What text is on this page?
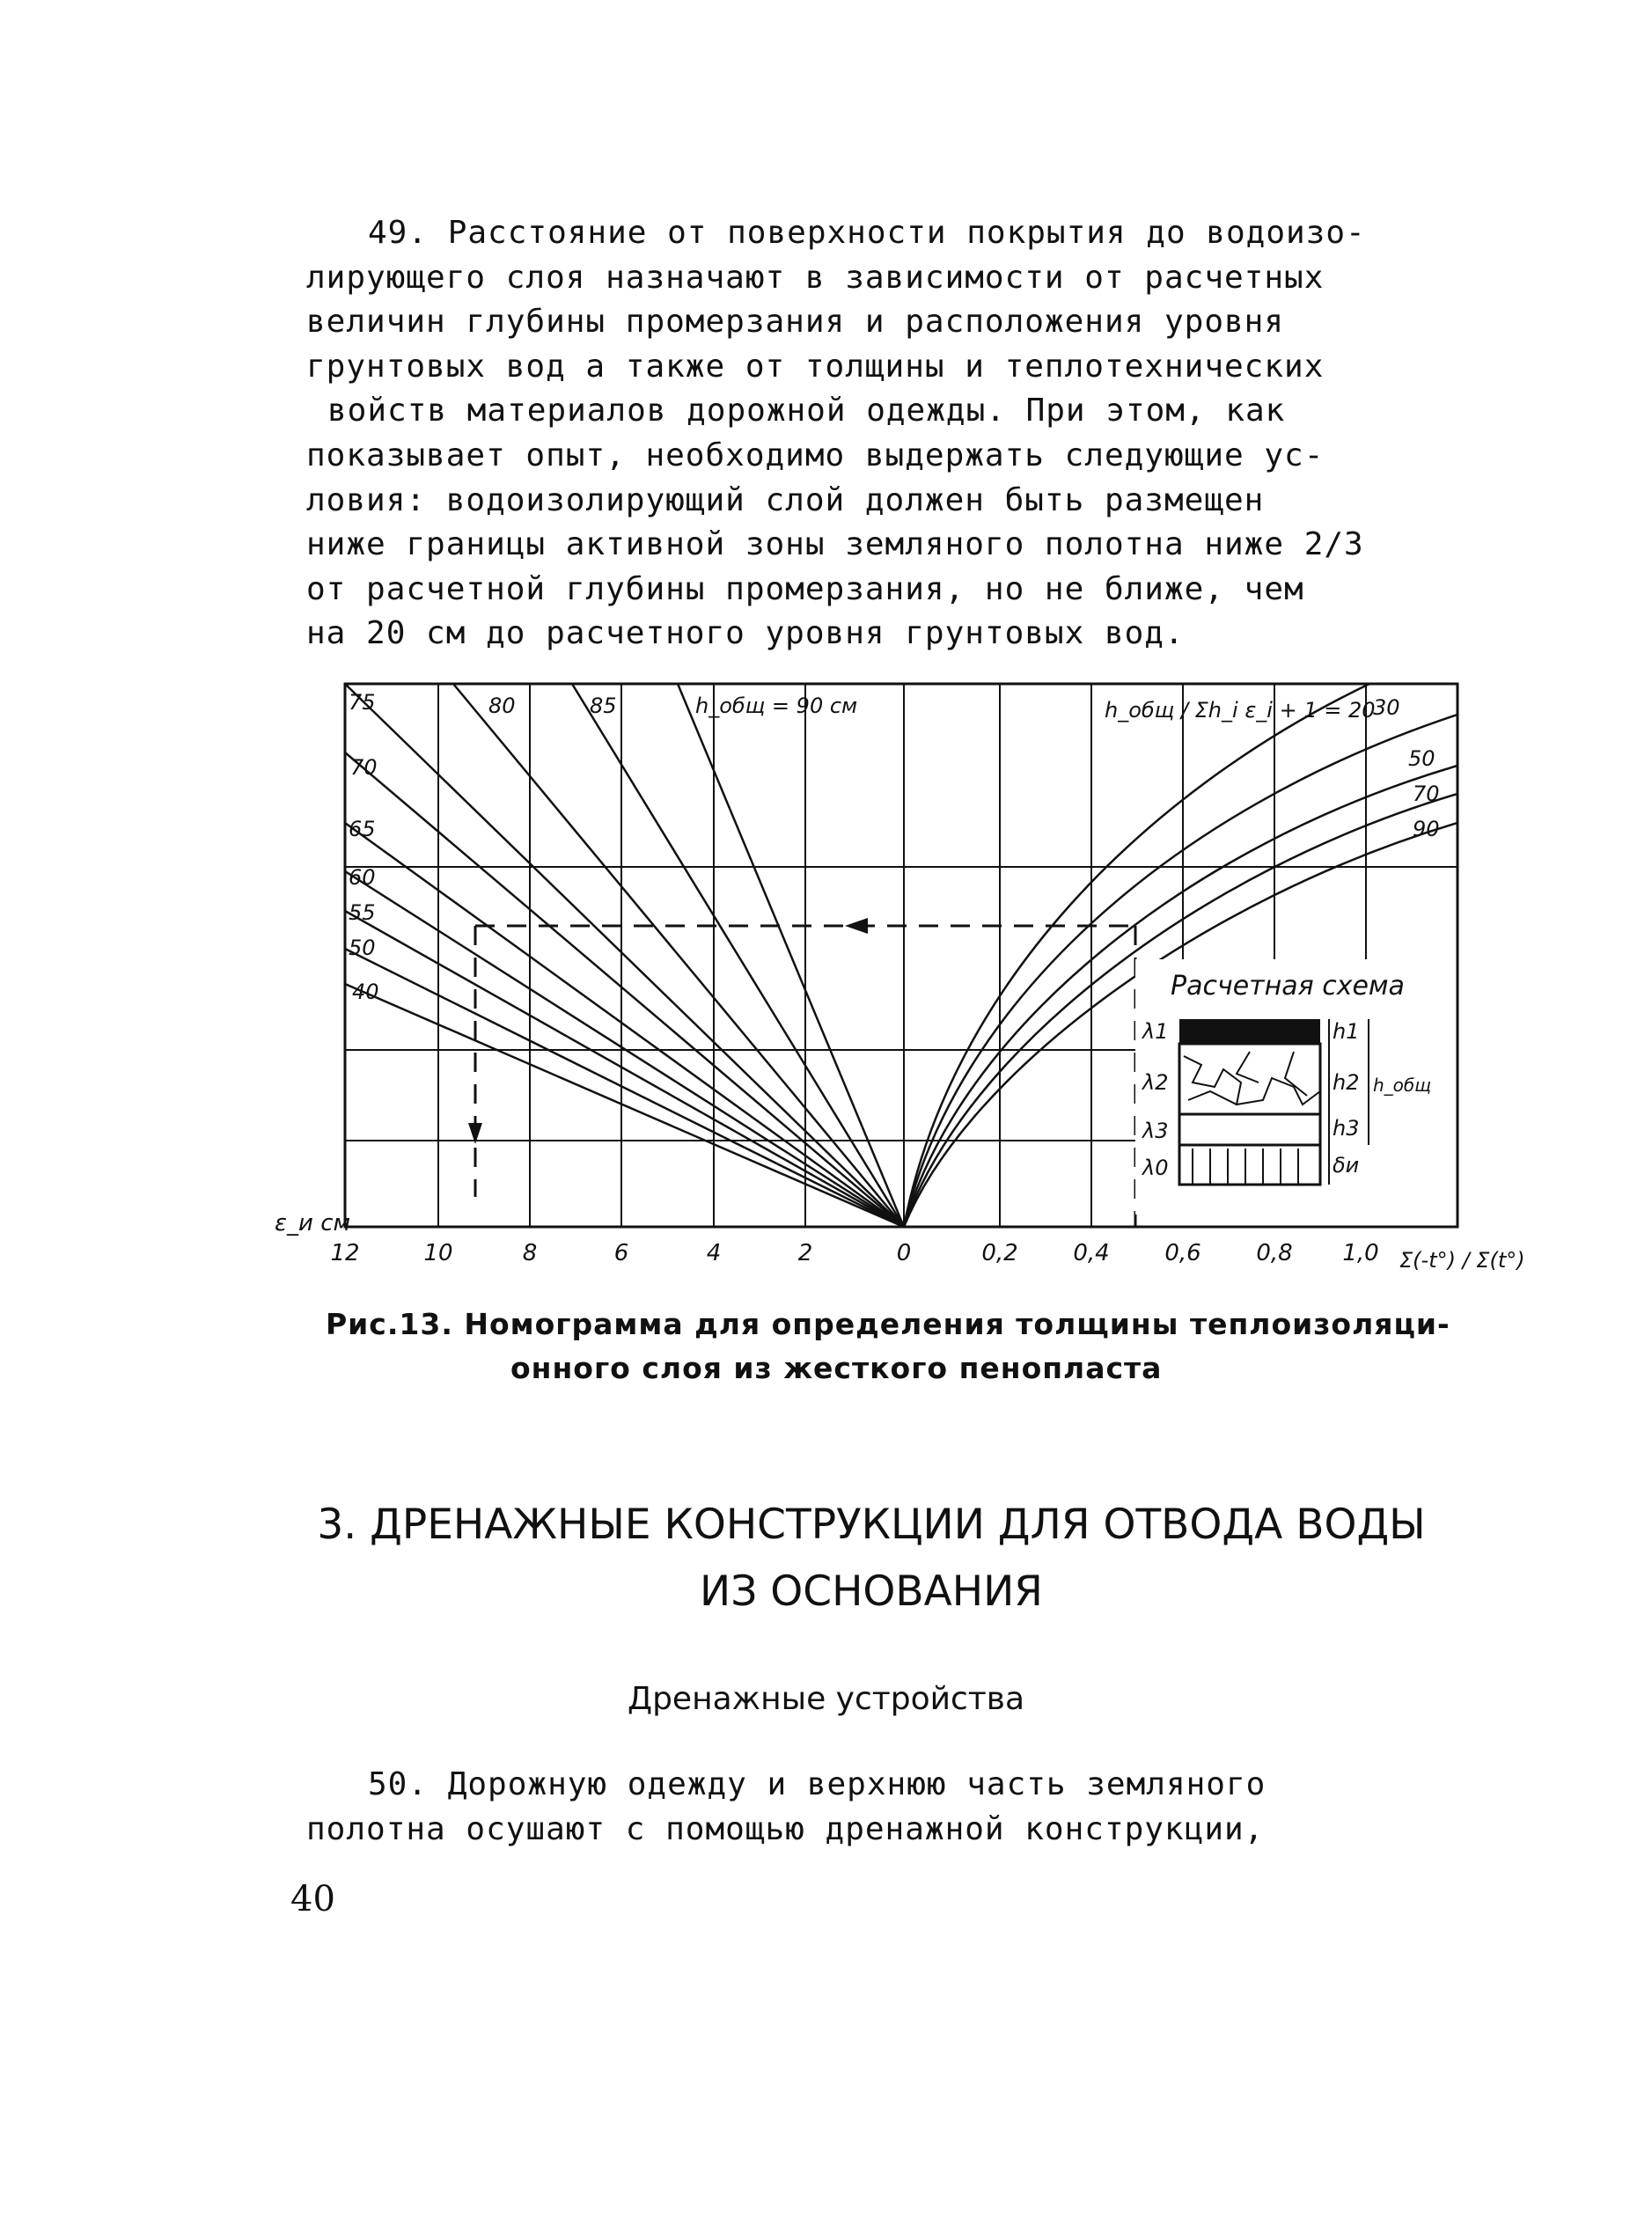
49. Расстояние от поверхности покрытия до водоизо-
лирующего слоя назначают в зависимости от расчетных
величин глубины промерзания и расположения уровня
грунтовых вод а также от толщины и теплотехнических
войств материалов дорожной одежды. При этом, как
показывает опыт, необходимо выдержать следующие ус-
ловия: водоизолирующий слой должен быть размещен
ниже границы активной зоны земляного полотна ниже 2/3
от расчетной глубины промерзания, но не ближе, чем
на 20 см до расчетного уровня грунтовых вод.
75	80	85	h_общ = 90 см
70
65
60
55
50
40
h_общ / Σh_i ε_i + 1 = 20
30
50
70
90
Расчетная схема
λ1
λ2
λ3
λ0
h1
h2
h3
δи
h_общ
ε_и см
12	10	8	6	4	2	0	0,2 0,4 0,6 0,8 1,0 Σ(-t°) / Σ(t°)
Рис.13. Номограмма для определения толщины теплоизоляци-
онного слоя из жесткого пенопласта
3. ДРЕНАЖНЫЕ КОНСТРУКЦИИ ДЛЯ ОТВОДА ВОДЫ
ИЗ ОСНОВАНИЯ
Дренажные устройства
50. Дорожную одежду и верхнюю часть земляного
полотна осушают с помощью дренажной конструкции,
40
